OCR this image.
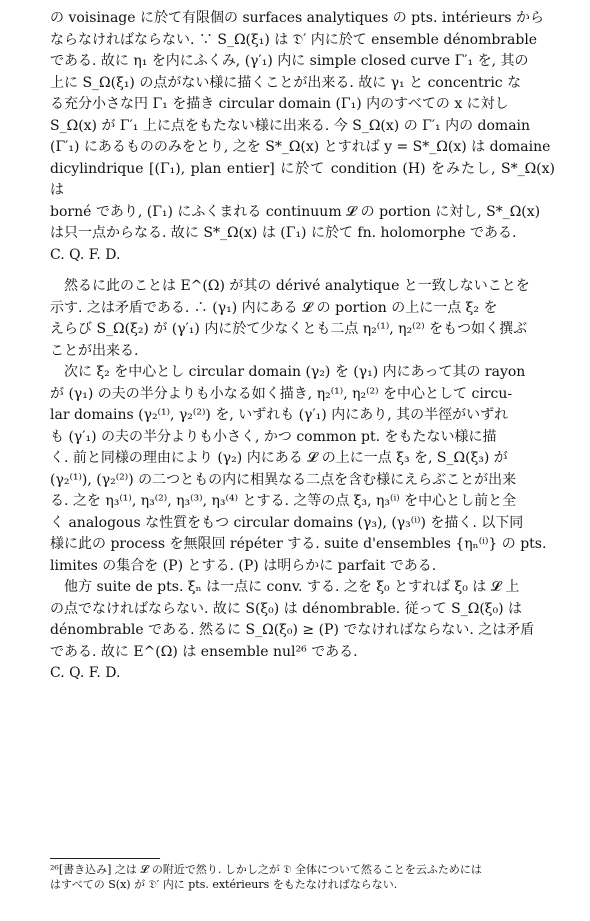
の voisinage に於て有限個の surfaces analytiques の pts. intérieurs から

ならなければならない. ∵ S_Ω(ξ₁) は 𝔇′ 内に於て ensemble dénombrable

である. 故に η₁ を内にふくみ, (γ′₁) 内に simple closed curve Γ′₁ を, 其の

上に S_Ω(ξ₁) の点がない様に描くことが出来る. 故に γ₁ と concentric な

る充分小さな円 Γ₁ を描き circular domain (Γ₁) 内のすべての x に対し

S_Ω(x) が Γ′₁ 上に点をもたない様に出来る. 今 S_Ω(x) の Γ′₁ 内の domain

(Γ′₁) にあるもののみをとり, 之を S*_Ω(x) とすれば y = S*_Ω(x) は domaine

dicylindrique [(Γ₁), plan entier] に於て condition (H) をみたし, S*_Ω(x) は

borné であり, (Γ₁) にふくまれる continuum 𝓛 の portion に対し, S*_Ω(x)

は只一点からなる. 故に S*_Ω(x) は (Γ₁) に於て fn. holomorphe である.

C. Q. F. D.

然るに此のことは E^(Ω) が其の dérivé analytique と一致しないことを

示す. 之は矛盾である. ∴ (γ₁) 内にある 𝓛 の portion の上に一点 ξ₂ を

えらび S_Ω(ξ₂) が (γ′₁) 内に於て少なくとも二点 η₂⁽¹⁾, η₂⁽²⁾ をもつ如く撰ぶ

ことが出来る.

次に ξ₂ を中心とし circular domain (γ₂) を (γ₁) 内にあって其の rayon

が (γ₁) の夫の半分よりも小なる如く描き, η₂⁽¹⁾, η₂⁽²⁾ を中心として circu-

lar domains (γ₂⁽¹⁾, γ₂⁽²⁾) を, いずれも (γ′₁) 内にあり, 其の半徑がいずれ

も (γ′₁) の夫の半分よりも小さく, かつ common pt. をもたない様に描

く. 前と同様の理由により (γ₂) 内にある 𝓛 の上に一点 ξ₃ を, S_Ω(ξ₃) が

(γ₂⁽¹⁾), (γ₂⁽²⁾) の二つともの内に相異なる二点を含む様にえらぶことが出来

る. 之を η₃⁽¹⁾, η₃⁽²⁾, η₃⁽³⁾, η₃⁽⁴⁾ とする. 之等の点 ξ₃, η₃⁽ⁱ⁾ を中心とし前と全

く analogous な性質をもつ circular domains (γ₃), (γ₃⁽ⁱ⁾) を描く. 以下同

様に此の process を無限回 répéter する. suite d'ensembles {ηₙ⁽ⁱ⁾} の pts.

limites の集合を (P) とする. (P) は明らかに parfait である.

他方 suite de pts. ξₙ は一点に conv. する. 之を ξ₀ とすれば ξ₀ は 𝓛 上

の点でなければならない. 故に S(ξ₀) は dénombrable. 従って S_Ω(ξ₀) は

dénombrable である. 然るに S_Ω(ξ₀) ≥ (P) でなければならない. 之は矛盾

である. 故に E^(Ω) は ensemble nul²⁶ である.

C. Q. F. D.

²⁶[書き込み] 之は 𝓛 の附近で然り. しかし之が 𝔇 全体について然ることを云ふためには
はすべての S(x) が 𝔇′ 内に pts. extérieurs をもたなければならない.
